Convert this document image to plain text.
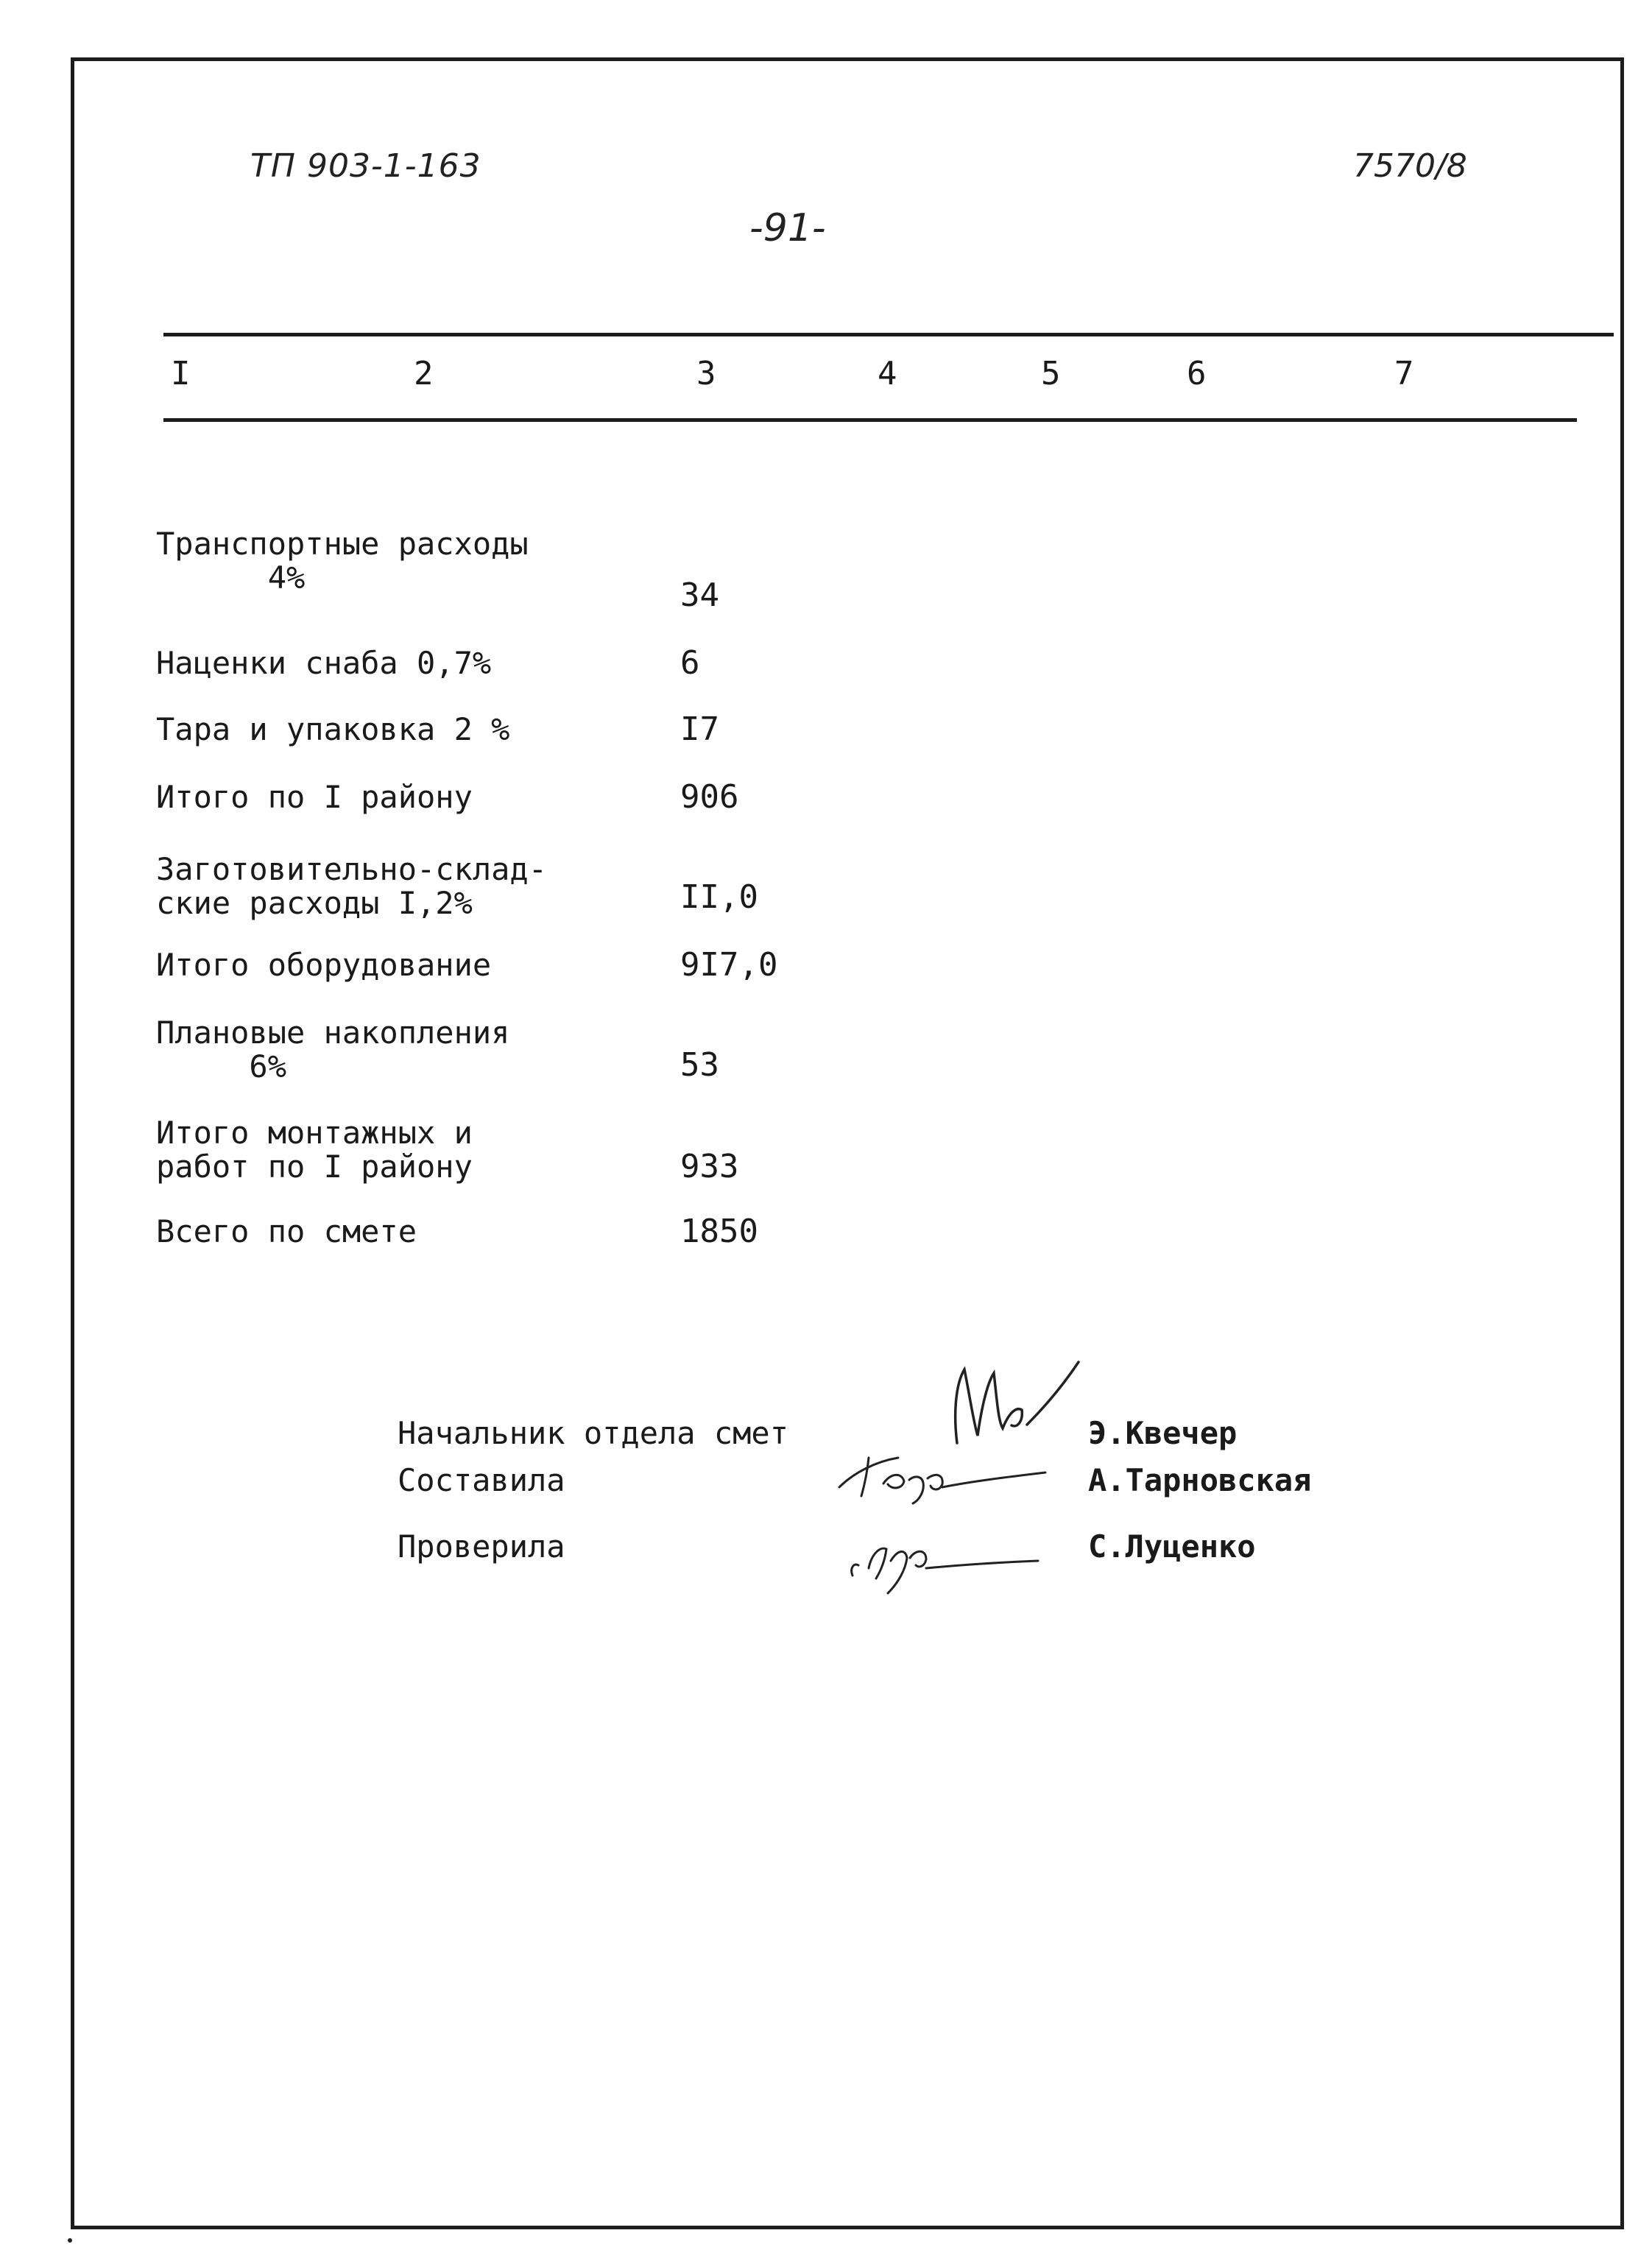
ТП 903-1-163	7570/8
-91-
I	2	3	4	5	6	7
Транспортные расходы
4%	34
Наценки снаба 0,7%	6
Тара и упаковка 2 %	I7
Итого по I району	906
Заготовительно-склад-
ские расходы I,2%	II,0
Итого оборудование	9I7,0
Плановые накопления
6%	53
Итого монтажных и
работ по I району	933
Всего по смете	1850
Начальник отдела смет	Э.Квечер
Составила	А.Тарновская
Проверила	С.Луценко
